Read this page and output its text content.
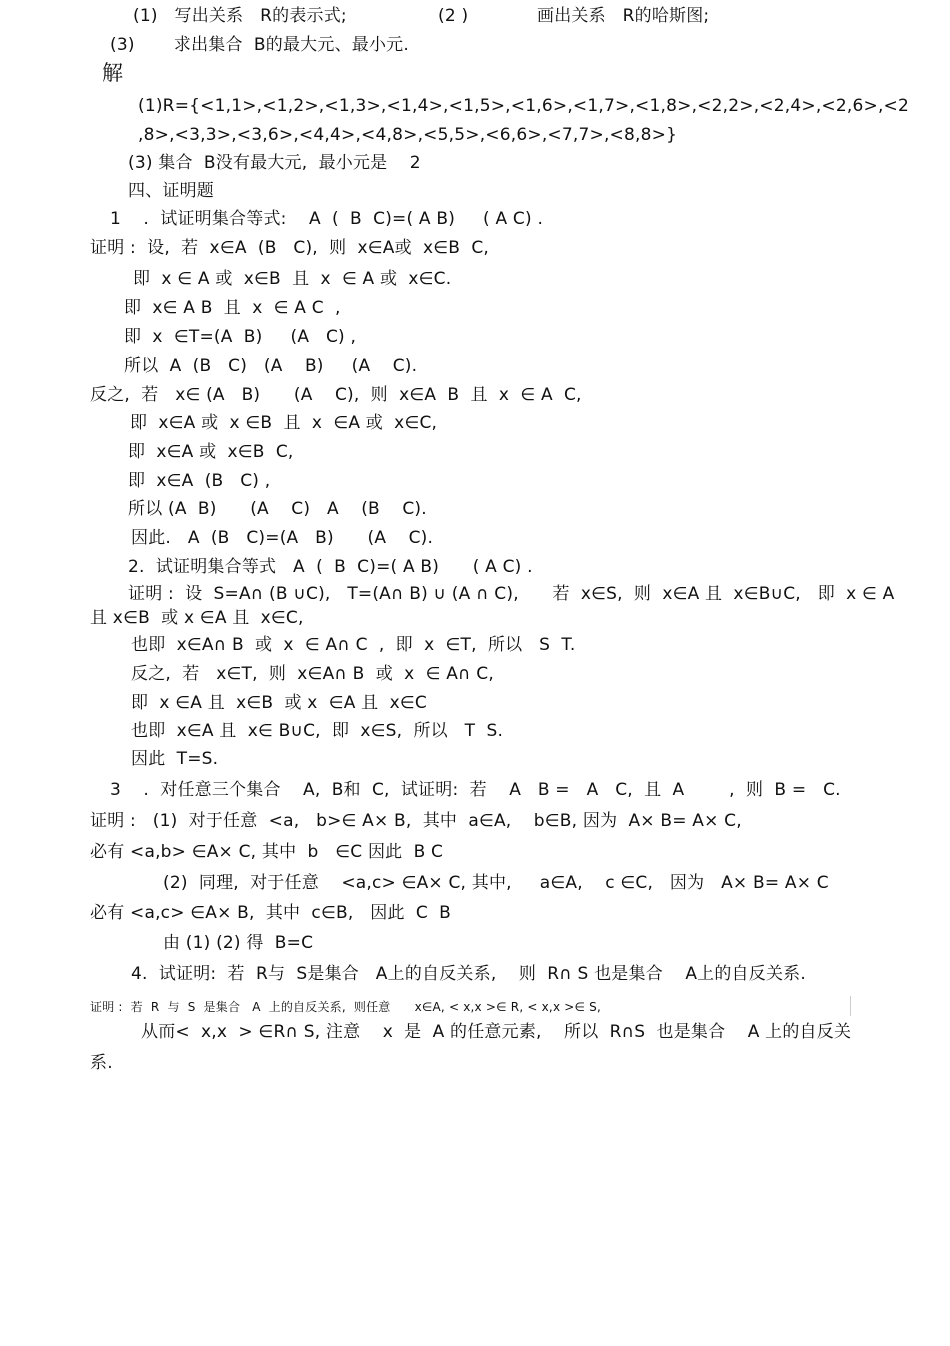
(1)   写出关系   R的表示式;	(2 )	画出关系   R的哈斯图;
(3)       求出集合  B的最大元、最小元.
解
(1)R={<1,1>,<1,2>,<1,3>,<1,4>,<1,5>,<1,6>,<1,7>,<1,8>,<2,2>,<2,4>,<2,6>,<2
,8>,<3,3>,<3,6>,<4,4>,<4,8>,<5,5>,<6,6>,<7,7>,<8,8>}
(3) 集合  B没有最大元,  最小元是    2
四、证明题
1    .  试证明集合等式:    A  (  B  C)=( A B)     ( A C) .
证明 :  设,  若  x∈A  (B   C),  则  x∈A或  x∈B  C,
即  x ∈ A 或  x∈B  且  x  ∈ A 或  x∈C.
即  x∈ A B  且  x  ∈ A C  ,
即  x  ∈T=(A  B)     (A   C) ,
所以  A  (B   C)   (A    B)     (A    C).
反之,  若   x∈ (A   B)      (A    C),  则  x∈A  B  且  x  ∈ A  C,
即  x∈A 或  x ∈B  且  x  ∈A 或  x∈C,
即  x∈A 或  x∈B  C,
即  x∈A  (B   C) ,
所以 (A  B)      (A    C)   A    (B    C).
因此.   A  (B   C)=(A   B)      (A    C).
2.  试证明集合等式   A  (  B  C)=( A B)      ( A C) .
证明 :  设  S=A∩ (B ∪C),   T=(A∩ B) ∪ (A ∩ C),      若  x∈S,  则  x∈A 且  x∈B∪C,   即  x ∈ A
且 x∈B  或 x ∈A 且  x∈C,
也即  x∈A∩ B  或  x  ∈ A∩ C  ,  即  x  ∈T,  所以   S  T.
反之,  若   x∈T,  则  x∈A∩ B  或  x  ∈ A∩ C,
即  x ∈A 且  x∈B  或 x  ∈A 且  x∈C
也即  x∈A 且  x∈ B∪C,  即  x∈S,  所以   T  S.
因此  T=S.
3    .  对任意三个集合    A,  B和  C,  试证明:  若    A   B =   A   C,  且  A        ,  则  B =   C.
证明 :   (1)  对于任意  <a,   b>∈ A× B,  其中  a∈A,    b∈B, 因为  A× B= A× C,
必有 <a,b> ∈A× C, 其中  b   ∈C 因此  B C
(2)  同理,  对于任意    <a,c> ∈A× C, 其中,     a∈A,    c ∈C,   因为   A× B= A× C
必有 <a,c> ∈A× B,  其中  c∈B,   因此  C  B
由 (1) (2) 得  B=C
4.  试证明:  若  R与  S是集合   A上的自反关系,    则  R∩ S 也是集合    A上的自反关系.
证明 :  若  R  与  S  是集合   A  上的自反关系,  则任意      x∈A, < x,x >∈ R, < x,x >∈ S,
从而<  x,x  > ∈R∩ S, 注意    x  是  A 的任意元素,    所以  R∩S  也是集合    A 上的自反关
系.
